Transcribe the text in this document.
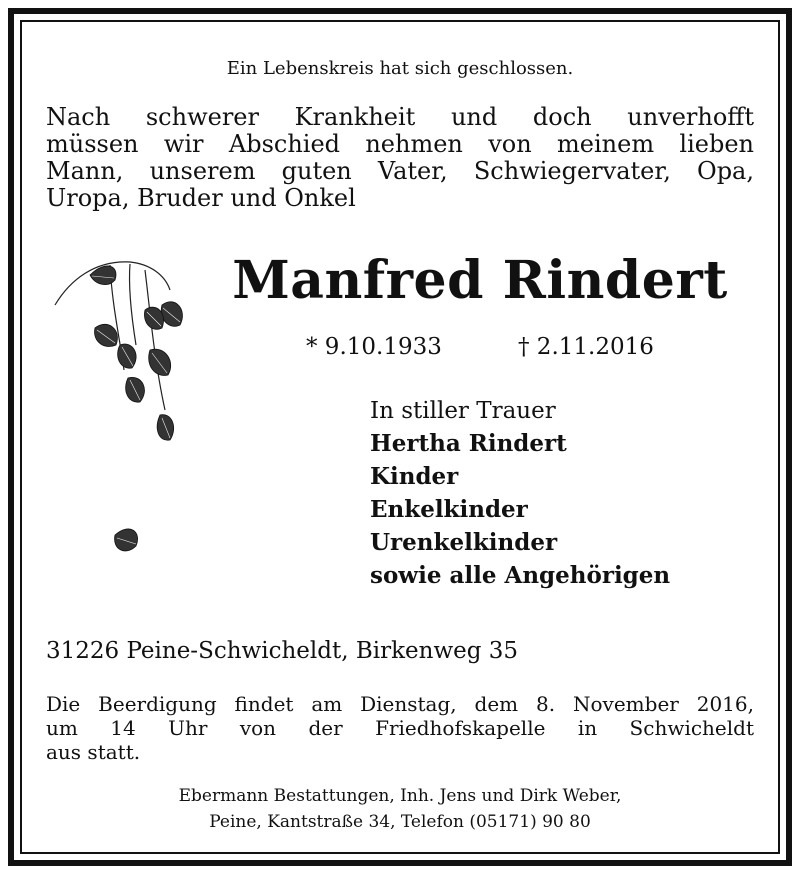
Ein Lebenskreis hat sich geschlossen.
Nach schwerer Krankheit und doch unverhofft
müssen wir Abschied nehmen von meinem lieben
Mann, unserem guten Vater, Schwiegervater, Opa,
Uropa, Bruder und Onkel
Manfred Rindert
* 9.10.1933	† 2.11.2016
In stiller Trauer
Hertha Rindert
Kinder
Enkelkinder
Urenkelkinder
sowie alle Angehörigen
31226 Peine-Schwicheldt, Birkenweg 35
Die Beerdigung findet am Dienstag, dem 8. November 2016,
um 14 Uhr von der Friedhofskapelle in Schwicheldt
aus statt.
Ebermann Bestattungen, Inh. Jens und Dirk Weber,
Peine, Kantstraße 34, Telefon (05171) 90 80
